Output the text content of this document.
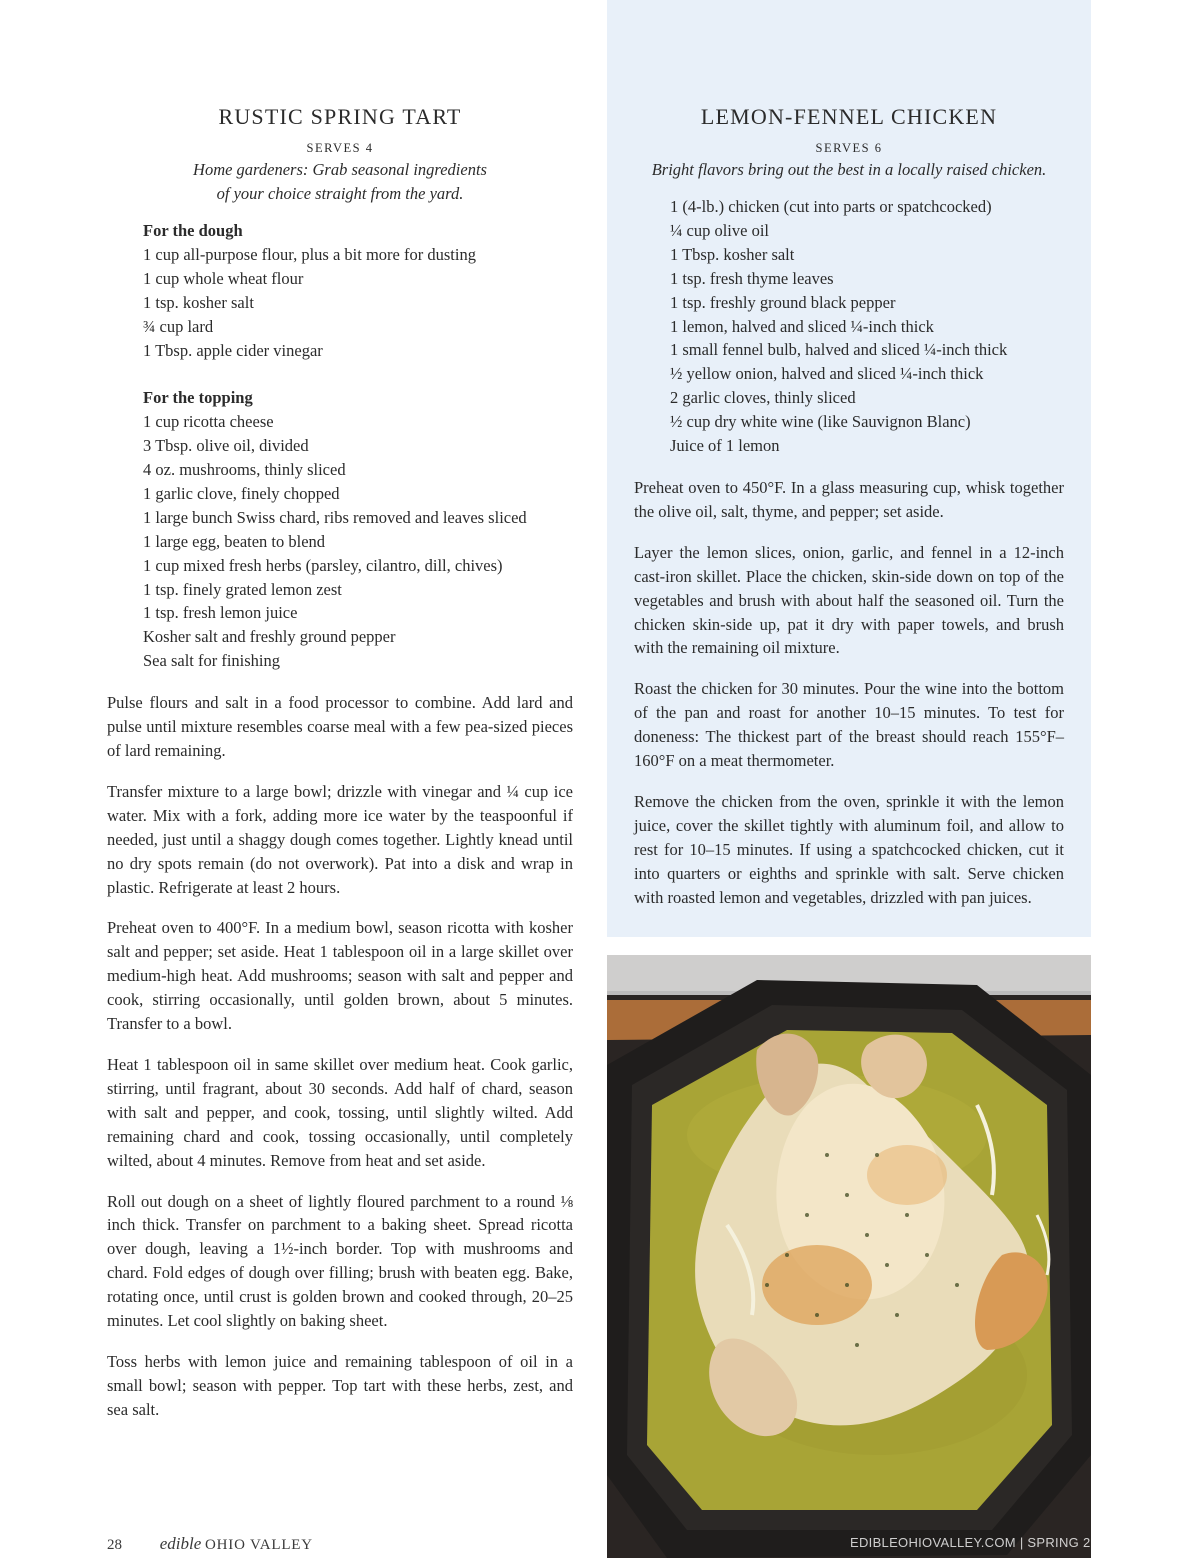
RUSTIC SPRING TART
SERVES 4
Home gardeners: Grab seasonal ingredients
of your choice straight from the yard.
For the dough
1 cup all-purpose flour, plus a bit more for dusting
1 cup whole wheat flour
1 tsp. kosher salt
¾ cup lard
1 Tbsp. apple cider vinegar
For the topping
1 cup ricotta cheese
3 Tbsp. olive oil, divided
4 oz. mushrooms, thinly sliced
1 garlic clove, finely chopped
1 large bunch Swiss chard, ribs removed and leaves sliced
1 large egg, beaten to blend
1 cup mixed fresh herbs (parsley, cilantro, dill, chives)
1 tsp. finely grated lemon zest
1 tsp. fresh lemon juice
Kosher salt and freshly ground pepper
Sea salt for finishing

Pulse flours and salt in a food processor to combine. Add lard and pulse until mixture resembles coarse meal with a few pea-sized pieces of lard remaining.

Transfer mixture to a large bowl; drizzle with vinegar and ¼ cup ice water. Mix with a fork, adding more ice water by the teaspoonful if needed, just until a shaggy dough comes together. Lightly knead until no dry spots remain (do not overwork). Pat into a disk and wrap in plastic. Refrigerate at least 2 hours.

Preheat oven to 400°F. In a medium bowl, season ricotta with kosher salt and pepper; set aside. Heat 1 tablespoon oil in a large skillet over medium-high heat. Add mushrooms; season with salt and pepper and cook, stirring occasionally, until golden brown, about 5 minutes. Transfer to a bowl.

Heat 1 tablespoon oil in same skillet over medium heat. Cook garlic, stirring, until fragrant, about 30 seconds. Add half of chard, season with salt and pepper, and cook, tossing, until slightly wilted. Add remaining chard and cook, tossing occasionally, until completely wilted, about 4 minutes. Remove from heat and set aside.

Roll out dough on a sheet of lightly floured parchment to a round ⅛ inch thick. Transfer on parchment to a baking sheet. Spread ricotta over dough, leaving a 1½-inch border. Top with mushrooms and chard. Fold edges of dough over filling; brush with beaten egg. Bake, rotating once, until crust is golden brown and cooked through, 20–25 minutes. Let cool slightly on baking sheet.

Toss herbs with lemon juice and remaining tablespoon of oil in a small bowl; season with pepper. Top tart with these herbs, zest, and sea salt.

LEMON-FENNEL CHICKEN
SERVES 6
Bright flavors bring out the best in a locally raised chicken.
1 (4-lb.) chicken (cut into parts or spatchcocked)
¼ cup olive oil
1 Tbsp. kosher salt
1 tsp. fresh thyme leaves
1 tsp. freshly ground black pepper
1 lemon, halved and sliced ¼-inch thick
1 small fennel bulb, halved and sliced ¼-inch thick
½ yellow onion, halved and sliced ¼-inch thick
2 garlic cloves, thinly sliced
½ cup dry white wine (like Sauvignon Blanc)
Juice of 1 lemon

Preheat oven to 450°F. In a glass measuring cup, whisk together the olive oil, salt, thyme, and pepper; set aside.

Layer the lemon slices, onion, garlic, and fennel in a 12-inch cast-iron skillet. Place the chicken, skin-side down on top of the vegetables and brush with about half the seasoned oil. Turn the chicken skin-side up, pat it dry with paper towels, and brush with the remaining oil mixture.

Roast the chicken for 30 minutes. Pour the wine into the bottom of the pan and roast for another 10–15 minutes. To test for doneness: The thickest part of the breast should reach 155°F–160°F on a meat thermometer.

Remove the chicken from the oven, sprinkle it with the lemon juice, cover the skillet tightly with aluminum foil, and allow to rest for 10–15 minutes. If using a spatchcocked chicken, cut it into quarters or eighths and sprinkle with salt. Serve chicken with roasted lemon and vegetables, drizzled with pan juices.

28 edible OHIO VALLEY	EDIBLEOHIOVALLEY.COM | SPRING 2021
